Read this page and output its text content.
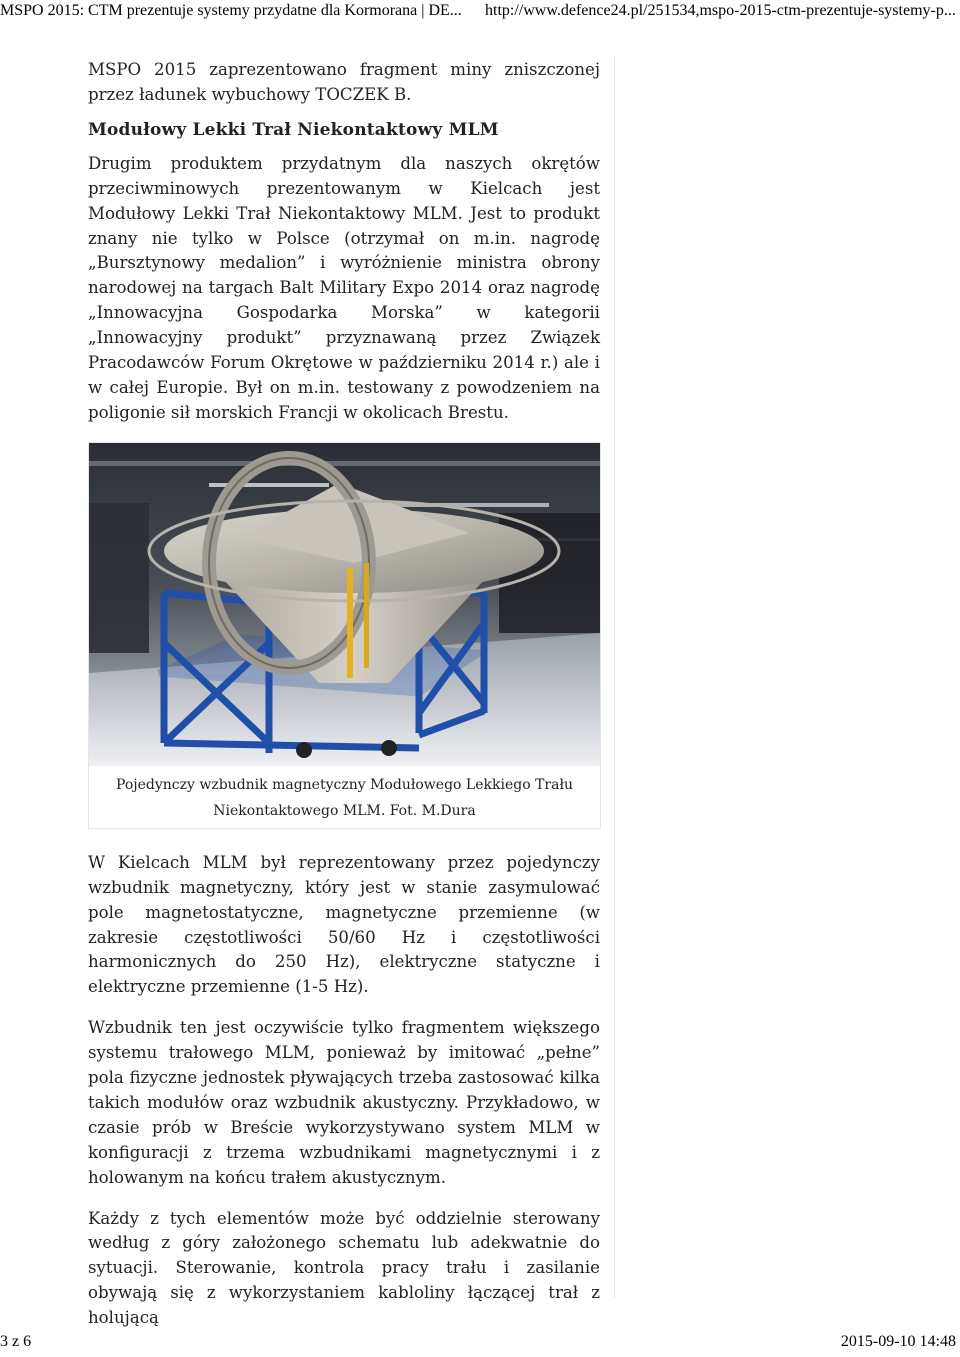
MSPO 2015: CTM prezentuje systemy przydatne dla Kormorana | DE... http://www.defence24.pl/251534,mspo-2015-ctm-prezentuje-systemy-p...

MSPO 2015 zaprezentowano fragment miny zniszczonej przez ładunek wybuchowy TOCZEK B.

Modułowy Lekki Trał Niekontaktowy MLM

Drugim produktem przydatnym dla naszych okrętów przeciwminowych prezentowanym w Kielcach jest Modułowy Lekki Trał Niekontaktowy MLM. Jest to produkt znany nie tylko w Polsce (otrzymał on m.in. nagrodę „Bursztynowy medalion” i wyróżnienie ministra obrony narodowej na targach Balt Military Expo 2014 oraz nagrodę „Innowacyjna Gospodarka Morska” w kategorii „Innowacyjny produkt” przyznawaną przez Związek Pracodawców Forum Okrętowe w październiku 2014 r.) ale i w całej Europie. Był on m.in. testowany z powodzeniem na poligonie sił morskich Francji w okolicach Brestu.

Pojedynczy wzbudnik magnetyczny Modułowego Lekkiego Trału Niekontaktowego MLM. Fot. M.Dura

W Kielcach MLM był reprezentowany przez pojedynczy wzbudnik magnetyczny, który jest w stanie zasymulować pole magnetostatyczne, magnetyczne przemienne (w zakresie częstotliwości 50/60 Hz i częstotliwości harmonicznych do 250 Hz), elektryczne statyczne i elektryczne przemienne (1-5 Hz).

Wzbudnik ten jest oczywiście tylko fragmentem większego systemu trałowego MLM, ponieważ by imitować „pełne” pola fizyczne jednostek pływających trzeba zastosować kilka takich modułów oraz wzbudnik akustyczny. Przykładowo, w czasie prób w Breście wykorzystywano system MLM w konfiguracji z trzema wzbudnikami magnetycznymi i z holowanym na końcu trałem akustycznym.

Każdy z tych elementów może być oddzielnie sterowany według z góry założonego schematu lub adekwatnie do sytuacji. Sterowanie, kontrola pracy trału i zasilanie obywają się z wykorzystaniem kabloliny łączącej trał z holującą

3 z 6	2015-09-10 14:48
